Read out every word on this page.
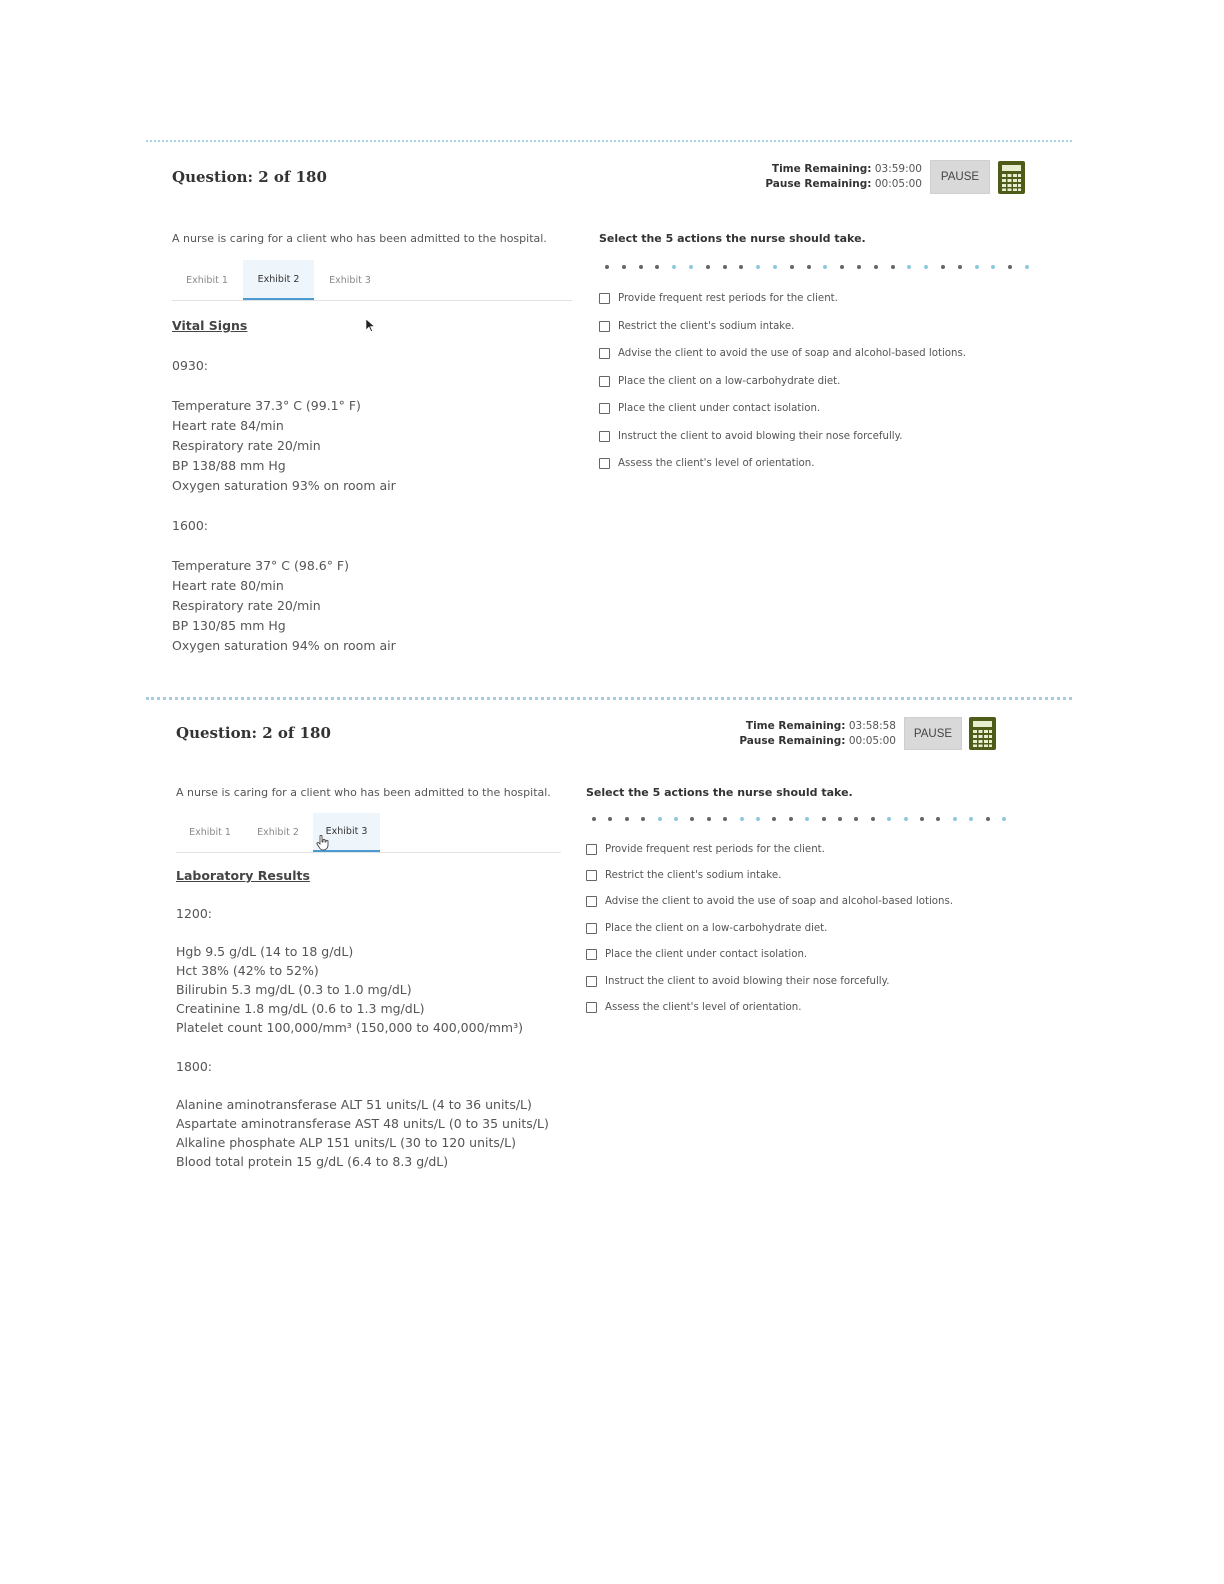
Question: 2 of 180	Time Remaining: 03:59:00
Pause Remaining: 00:05:00
PAUSE
A nurse is caring for a client who has been admitted to the hospital.
Exhibit 1	Exhibit 2	Exhibit 3
Vital Signs
0930:
Temperature 37.3° C (99.1° F)
Heart rate 84/min
Respiratory rate 20/min
BP 138/88 mm Hg
Oxygen saturation 93% on room air
1600:
Temperature 37° C (98.6° F)
Heart rate 80/min
Respiratory rate 20/min
BP 130/85 mm Hg
Oxygen saturation 94% on room air
Select the 5 actions the nurse should take.
Provide frequent rest periods for the client.
Restrict the client's sodium intake.
Advise the client to avoid the use of soap and alcohol-based lotions.
Place the client on a low-carbohydrate diet.
Place the client under contact isolation.
Instruct the client to avoid blowing their nose forcefully.
Assess the client's level of orientation.
Question: 2 of 180	Time Remaining: 03:58:58
Pause Remaining: 00:05:00
PAUSE
A nurse is caring for a client who has been admitted to the hospital.
Exhibit 1	Exhibit 2	Exhibit 3
Laboratory Results
1200:
Hgb 9.5 g/dL (14 to 18 g/dL)
Hct 38% (42% to 52%)
Bilirubin 5.3 mg/dL (0.3 to 1.0 mg/dL)
Creatinine 1.8 mg/dL (0.6 to 1.3 mg/dL)
Platelet count 100,000/mm³ (150,000 to 400,000/mm³)
1800:
Alanine aminotransferase ALT 51 units/L (4 to 36 units/L)
Aspartate aminotransferase AST 48 units/L (0 to 35 units/L)
Alkaline phosphate ALP 151 units/L (30 to 120 units/L)
Blood total protein 15 g/dL (6.4 to 8.3 g/dL)
Select the 5 actions the nurse should take.
Provide frequent rest periods for the client.
Restrict the client's sodium intake.
Advise the client to avoid the use of soap and alcohol-based lotions.
Place the client on a low-carbohydrate diet.
Place the client under contact isolation.
Instruct the client to avoid blowing their nose forcefully.
Assess the client's level of orientation.
